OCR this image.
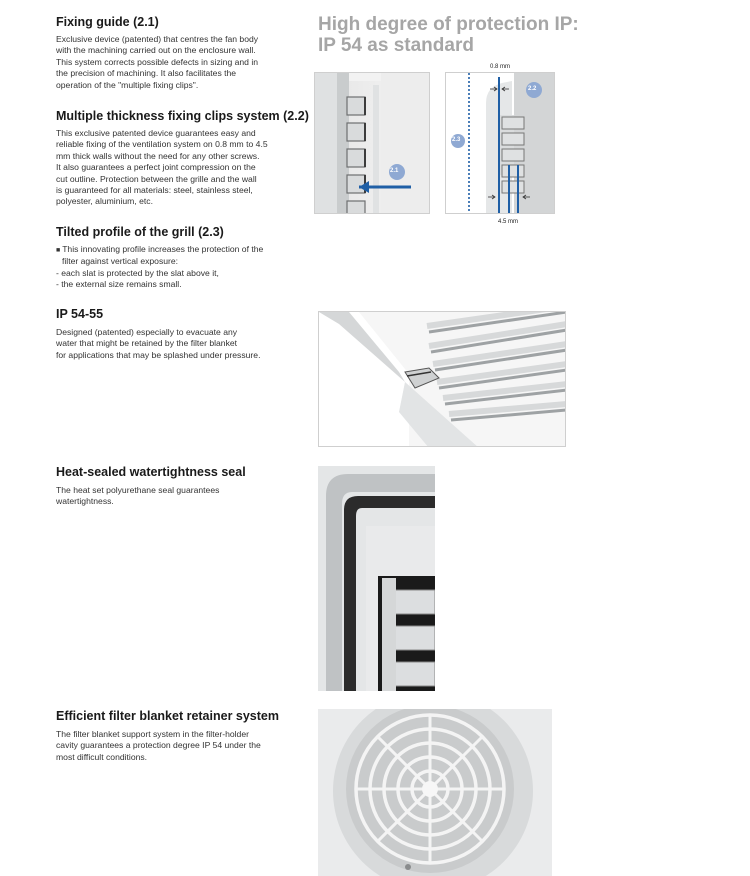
High degree of protection IP:
IP 54 as standard

Fixing guide (2.1)

Exclusive device (patented) that centres the fan body
with the machining carried out on the enclosure wall.
This system corrects possible defects in sizing and in
the precision of machining. It also facilitates the
operation of the "multiple fixing clips".

Multiple thickness fixing clips system (2.2)

This exclusive patented device guarantees easy and
reliable fixing of the ventilation system on 0.8 mm to 4.5
mm thick walls without the need for any other screws.
It also guarantees a perfect joint compression on the
cut outline. Protection between the grille and the wall
is guaranteed for all materials: steel, stainless steel,
polyester, aluminium, etc.

Tilted profile of the grill (2.3)

■ This innovating profile increases the protection of the
filter against vertical exposure:
- each slat is protected by the slat above it,
- the external size remains small.

IP 54-55

Designed (patented) especially to evacuate any
water that might be retained by the filter blanket
for applications that may be splashed under pressure.

Heat-sealed watertightness seal

The heat set polyurethane seal guarantees
watertightness.

Efficient filter blanket retainer system

The filter blanket support system in the filter-holder
cavity guarantees a protection degree IP 54 under the
most difficult conditions.

2.1
2.2
2.3
0.8 mm
4.5 mm
